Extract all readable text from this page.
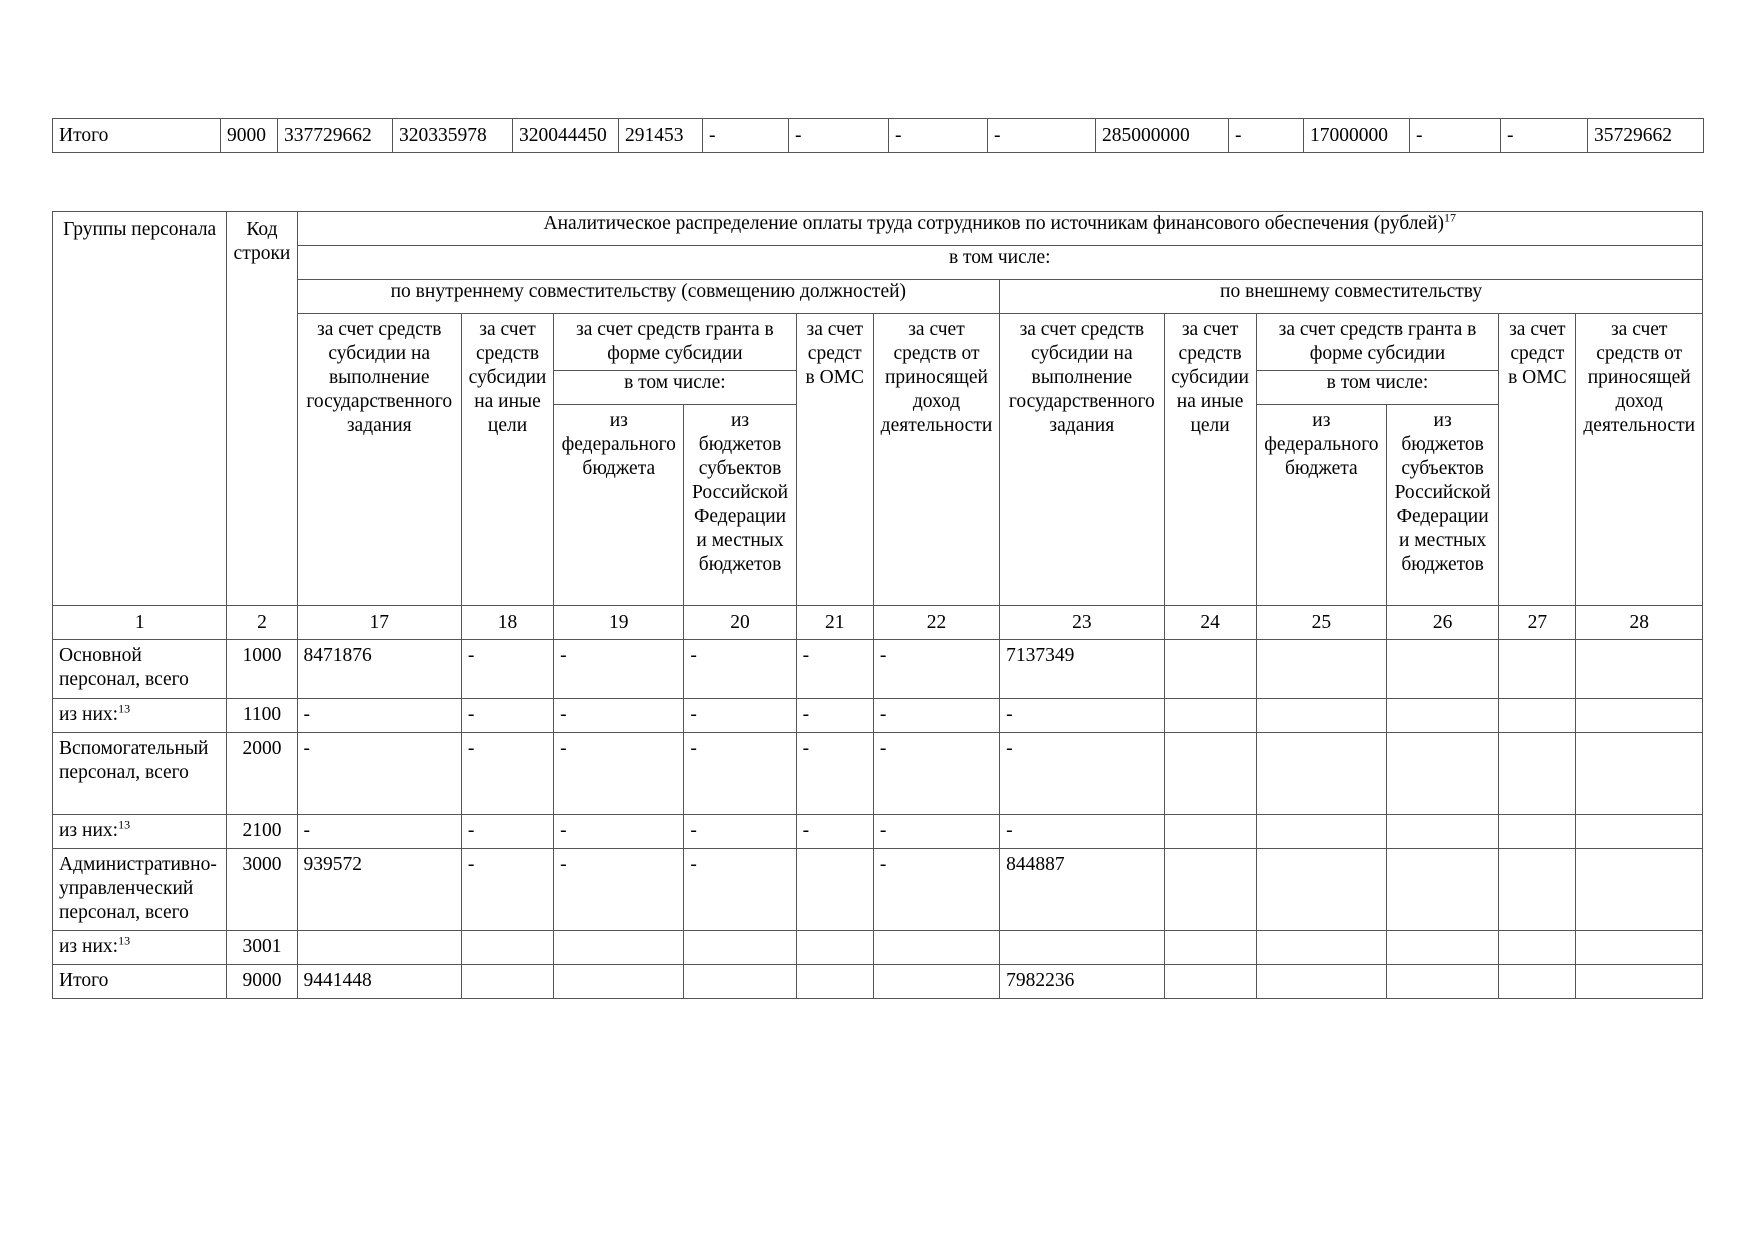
Итого	9000	337729662	320335978	320044450	291453	-	-	-	-	285000000	-	17000000	-	-	35729662
Группы персонала	Код строки	Аналитическое распределение оплаты труда сотрудников по источникам финансового обеспечения (рублей)$^{17}$
		в том числе:											
		по внутреннему совместительству (совмещению должностей)						по внешнему совместительству					
		за счет средств субсидии на выполнение государственного задания	за счет средств субсидии на иные цели	за счет средств гранта в форме субсидии		за счет средст в ОМС	за счет средств от приносящей доход деятельности	за счет средств субсидии на выполнение государственного задания	за счет средств субсидии на иные цели	за счет средств гранта в форме субсидии		за счет средст в ОМС	за счет средств от приносящей доход деятельности
				в том числе:						в том числе:			
				из федерального бюджета	из бюджетов субъектов Российской Федерации и местных бюджетов					из федерального бюджета	из бюджетов субъектов Российской Федерации и местных бюджетов		

1	2	17	18	19	20	21	22	23	24	25	26	27	28
Основной персонал, всего	1000	8471876	-	-	-	-	-	7137349					
из них:$^{13}$	1100	-	-	-	-	-	-	-					
Вспомогательный персонал, всего	2000	-	-	-	-	-	-	-					
из них:$^{13}$	2100	-	-	-	-	-	-	-					
Административно-управленческий персонал, всего	3000	939572	-	-	-		-	844887					
из них:$^{13}$	3001												
Итого	9000	9441448						7982236					
